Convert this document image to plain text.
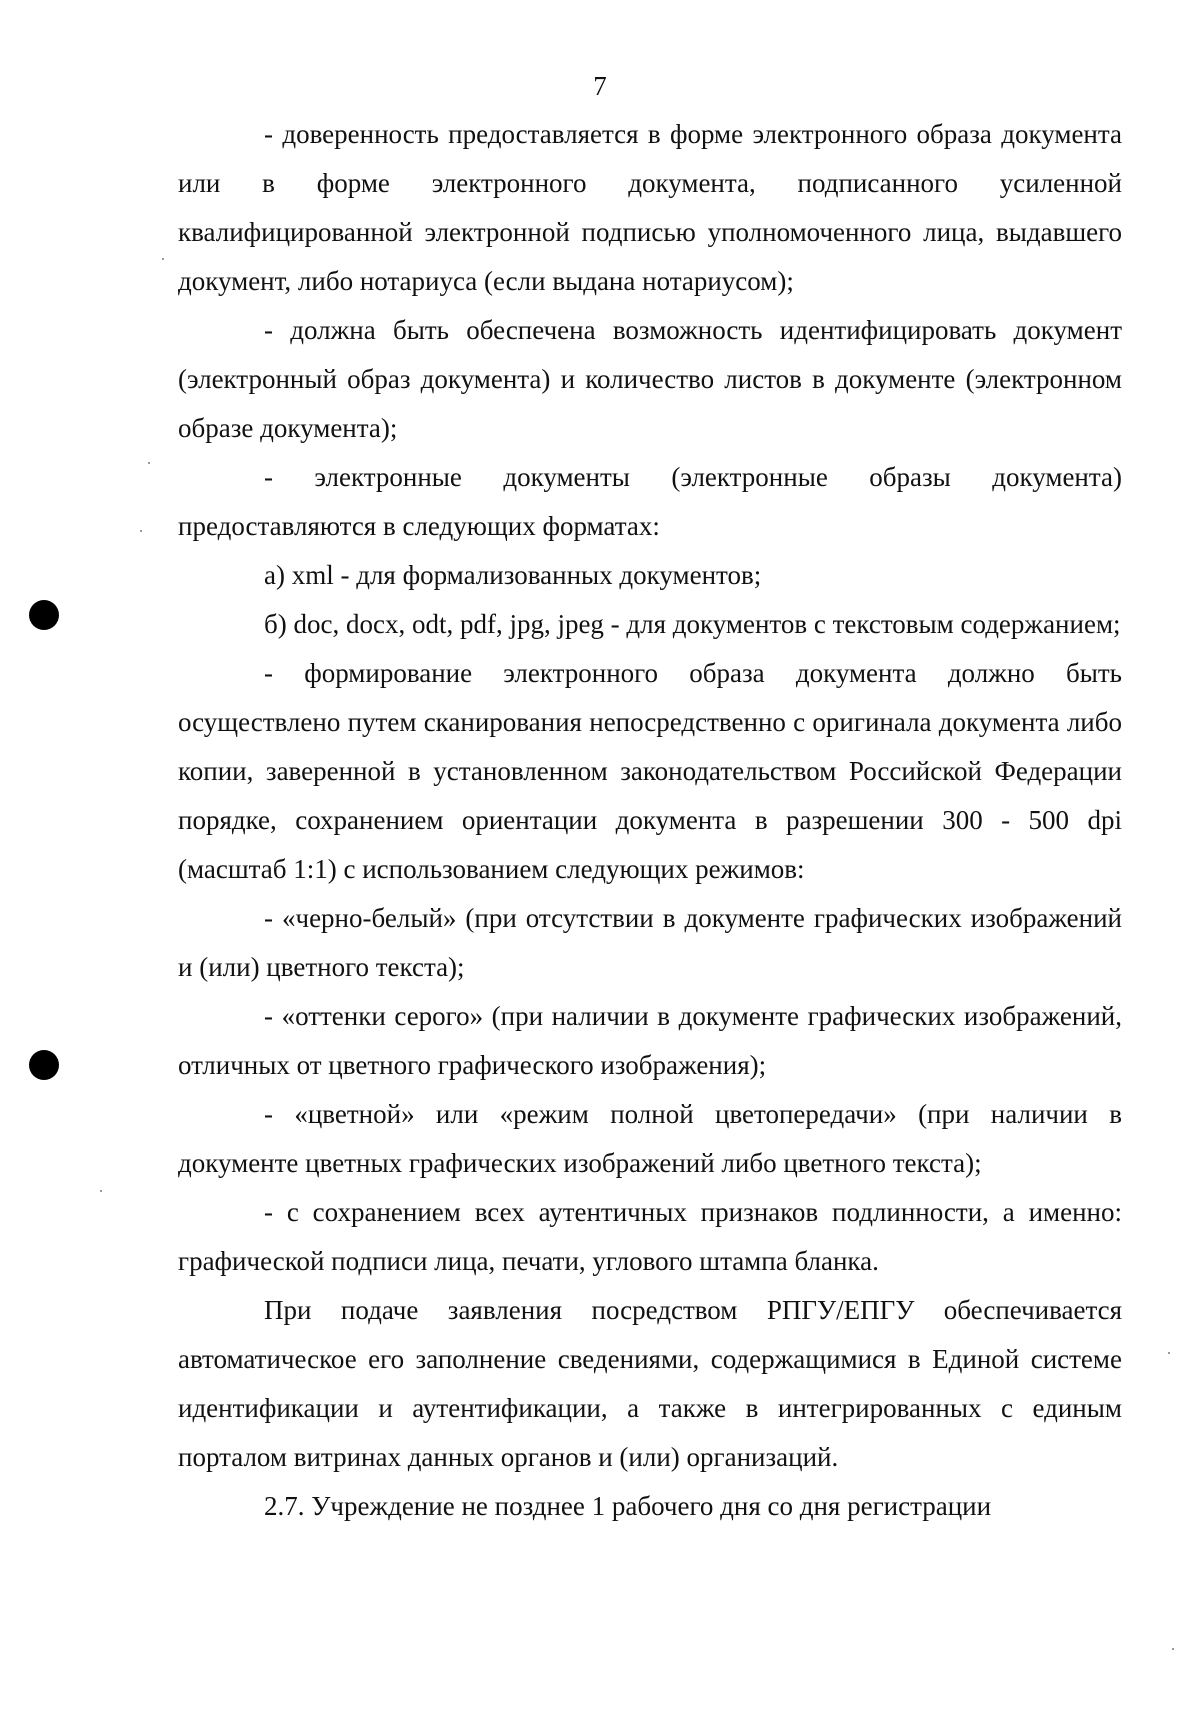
7

- доверенность предоставляется в форме электронного образа документа или в форме электронного документа, подписанного усиленной квалифицированной электронной подписью уполномоченного лица, выдавшего документ, либо нотариуса (если выдана нотариусом);

- должна быть обеспечена возможность идентифицировать документ (электронный образ документа) и количество листов в документе (электронном образе документа);

- электронные документы (электронные образы документа) предоставляются в следующих форматах:

а) xml - для формализованных документов;

б) doc, docx, odt, pdf, jpg, jpeg - для документов с текстовым содержанием;

- формирование электронного образа документа должно быть осуществлено путем сканирования непосредственно с оригинала документа либо копии, заверенной в установленном законодательством Российской Федерации порядке, сохранением ориентации документа в разрешении 300 - 500 dpi (масштаб 1:1) с использованием следующих режимов:

- «черно-белый» (при отсутствии в документе графических изображений и (или) цветного текста);

- «оттенки серого» (при наличии в документе графических изображений, отличных от цветного графического изображения);

- «цветной» или «режим полной цветопередачи» (при наличии в документе цветных графических изображений либо цветного текста);

- с сохранением всех аутентичных признаков подлинности, а именно: графической подписи лица, печати, углового штампа бланка.

При подаче заявления посредством РПГУ/ЕПГУ обеспечивается автоматическое его заполнение сведениями, содержащимися в Единой системе идентификации и аутентификации, а также в интегрированных с единым порталом витринах данных органов и (или) организаций.

2.7. Учреждение не позднее 1 рабочего дня со дня регистрации
